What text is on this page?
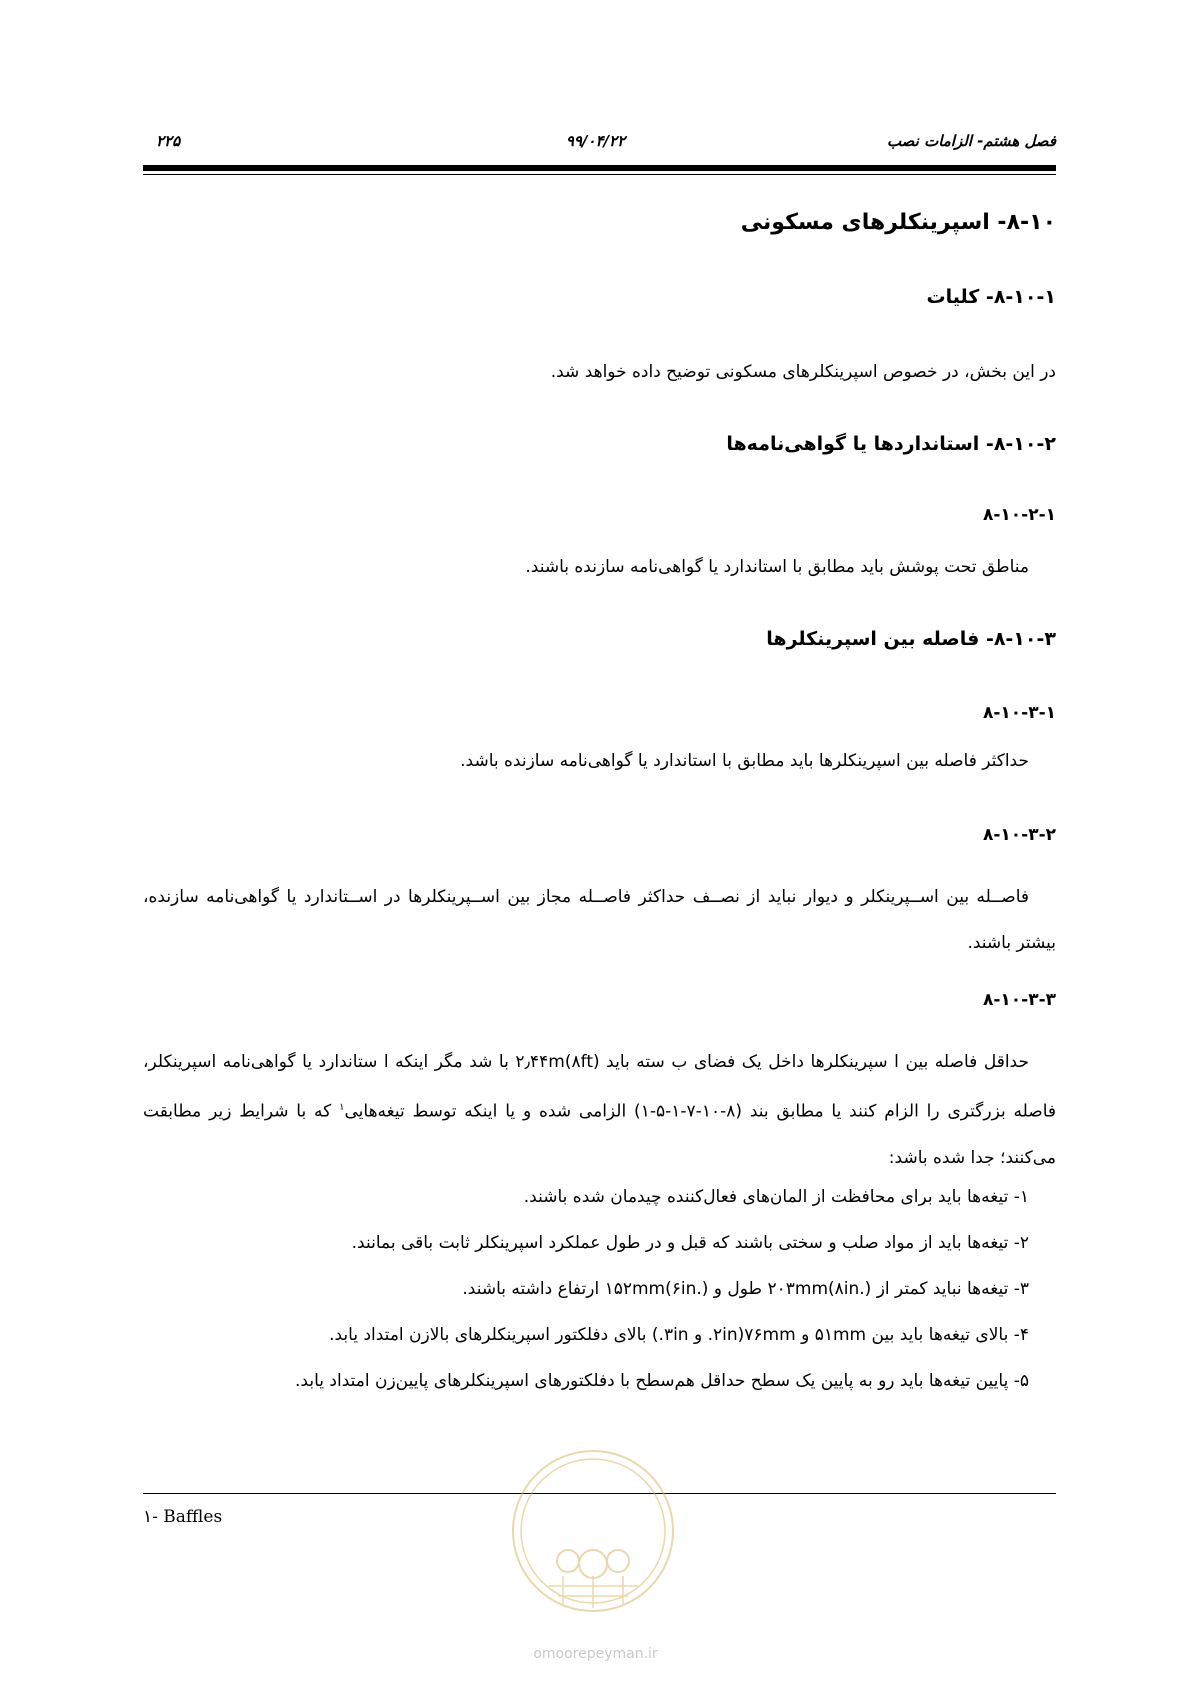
فصل هشتم- الزامات نصب
۹۹/۰۴/۲۲
۲۲۵
۸-۱۰- اسپرینکلرهای مسکونی
۸-۱۰-۱- کلیات
در این بخش، در خصوص اسپرینکلرهای مسکونی توضیح داده خواهد شد.
۸-۱۰-۲- استانداردها یا گواهی‌نامه‌ها
۸-۱۰-۲-۱
مناطق تحت پوشش باید مطابق با استاندارد یا گواهی‌نامه سازنده باشند.
۸-۱۰-۳- فاصله بین اسپرینکلرها
۸-۱۰-۳-۱
حداکثر فاصله بین اسپرینکلرها باید مطابق با استاندارد یا گواهی‌نامه سازنده باشد.
۸-۱۰-۳-۲
فاصــله بین اســپرینکلر و دیوار نباید از نصــف حداکثر فاصــله مجاز بین اســپرینکلرها در اســتاندارد یا گواهی‌نامه سازنده، بیشتر باشند.
۸-۱۰-۳-۳
حداقل فاصله بین ا سپرینکلرها داخل یک فضای ب سته باید ۲٫۴۴m(۸ft) با شد مگر اینکه ا ستاندارد یا گواهی‌نامه اسپرینکلر، فاصله بزرگتری را الزام کنند یا مطابق بند (۸-۱۰-۷-۱-۵-۱) الزامی شده و یا اینکه توسط تیغه‌هایی$^۱$ که با شرایط زیر مطابقت می‌کنند؛ جدا شده باشد:
۱- تیغه‌ها باید برای محافظت از المان‌های فعال‌کننده چیدمان شده باشند.
۲- تیغه‌ها باید از مواد صلب و سختی باشند که قبل و در طول عملکرد اسپرینکلر ثابت باقی بمانند.
۳- تیغه‌ها نباید کمتر از ۲۰۳mm(۸in.) طول و ۱۵۲mm(۶in.) ارتفاع داشته باشند.
۴- بالای تیغه‌ها باید بین ۵۱mm و ۷۶mm(۲in. و ۳in.) بالای دفلکتور اسپرینکلرهای بالازن امتداد یابد.
۵- پایین تیغه‌ها باید رو به پایین یک سطح حداقل هم‌سطح با دفلکتورهای اسپرینکلرهای پایین‌زن امتداد یابد.
۱- Baffles
omoorepeyman.ir
